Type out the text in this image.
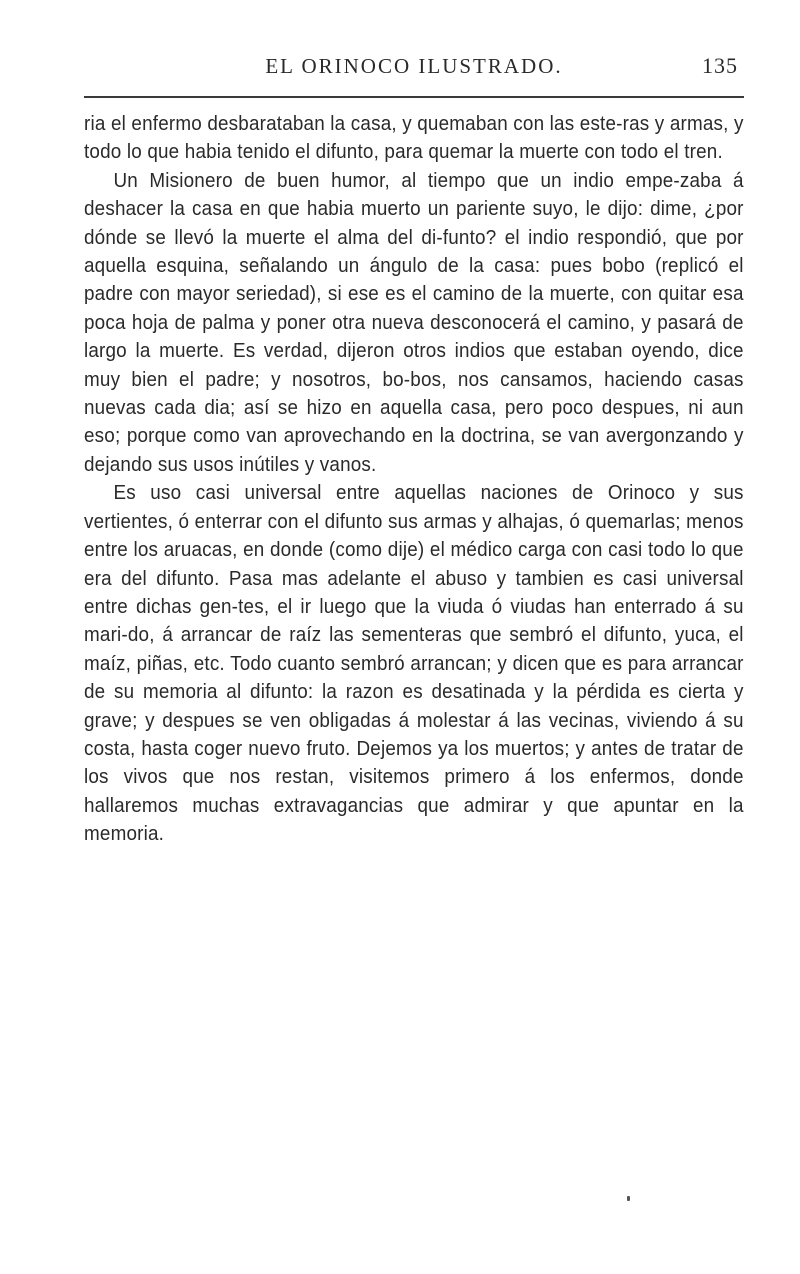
EL ORINOCO ILUSTRADO.	135

ria el enfermo desbarataban la casa, y quemaban con las este-ras y armas, y todo lo que habia tenido el difunto, para quemar la muerte con todo el tren.

Un Misionero de buen humor, al tiempo que un indio empe-zaba á deshacer la casa en que habia muerto un pariente suyo, le dijo: dime, ¿por dónde se llevó la muerte el alma del di-funto? el indio respondió, que por aquella esquina, señalando un ángulo de la casa: pues bobo (replicó el padre con mayor seriedad), si ese es el camino de la muerte, con quitar esa poca hoja de palma y poner otra nueva desconocerá el camino, y pasará de largo la muerte. Es verdad, dijeron otros indios que estaban oyendo, dice muy bien el padre; y nosotros, bo-bos, nos cansamos, haciendo casas nuevas cada dia; así se hizo en aquella casa, pero poco despues, ni aun eso; porque como van aprovechando en la doctrina, se van avergonzando y dejando sus usos inútiles y vanos.

Es uso casi universal entre aquellas naciones de Orinoco y sus vertientes, ó enterrar con el difunto sus armas y alhajas, ó quemarlas; menos entre los aruacas, en donde (como dije) el médico carga con casi todo lo que era del difunto. Pasa mas adelante el abuso y tambien es casi universal entre dichas gen-tes, el ir luego que la viuda ó viudas han enterrado á su mari-do, á arrancar de raíz las sementeras que sembró el difunto, yuca, el maíz, piñas, etc. Todo cuanto sembró arrancan; y dicen que es para arrancar de su memoria al difunto: la razon es desatinada y la pérdida es cierta y grave; y despues se ven obligadas á molestar á las vecinas, viviendo á su costa, hasta coger nuevo fruto. Dejemos ya los muertos; y antes de tratar de los vivos que nos restan, visitemos primero á los enfermos, donde hallaremos muchas extravagancias que admirar y que apuntar en la memoria.
